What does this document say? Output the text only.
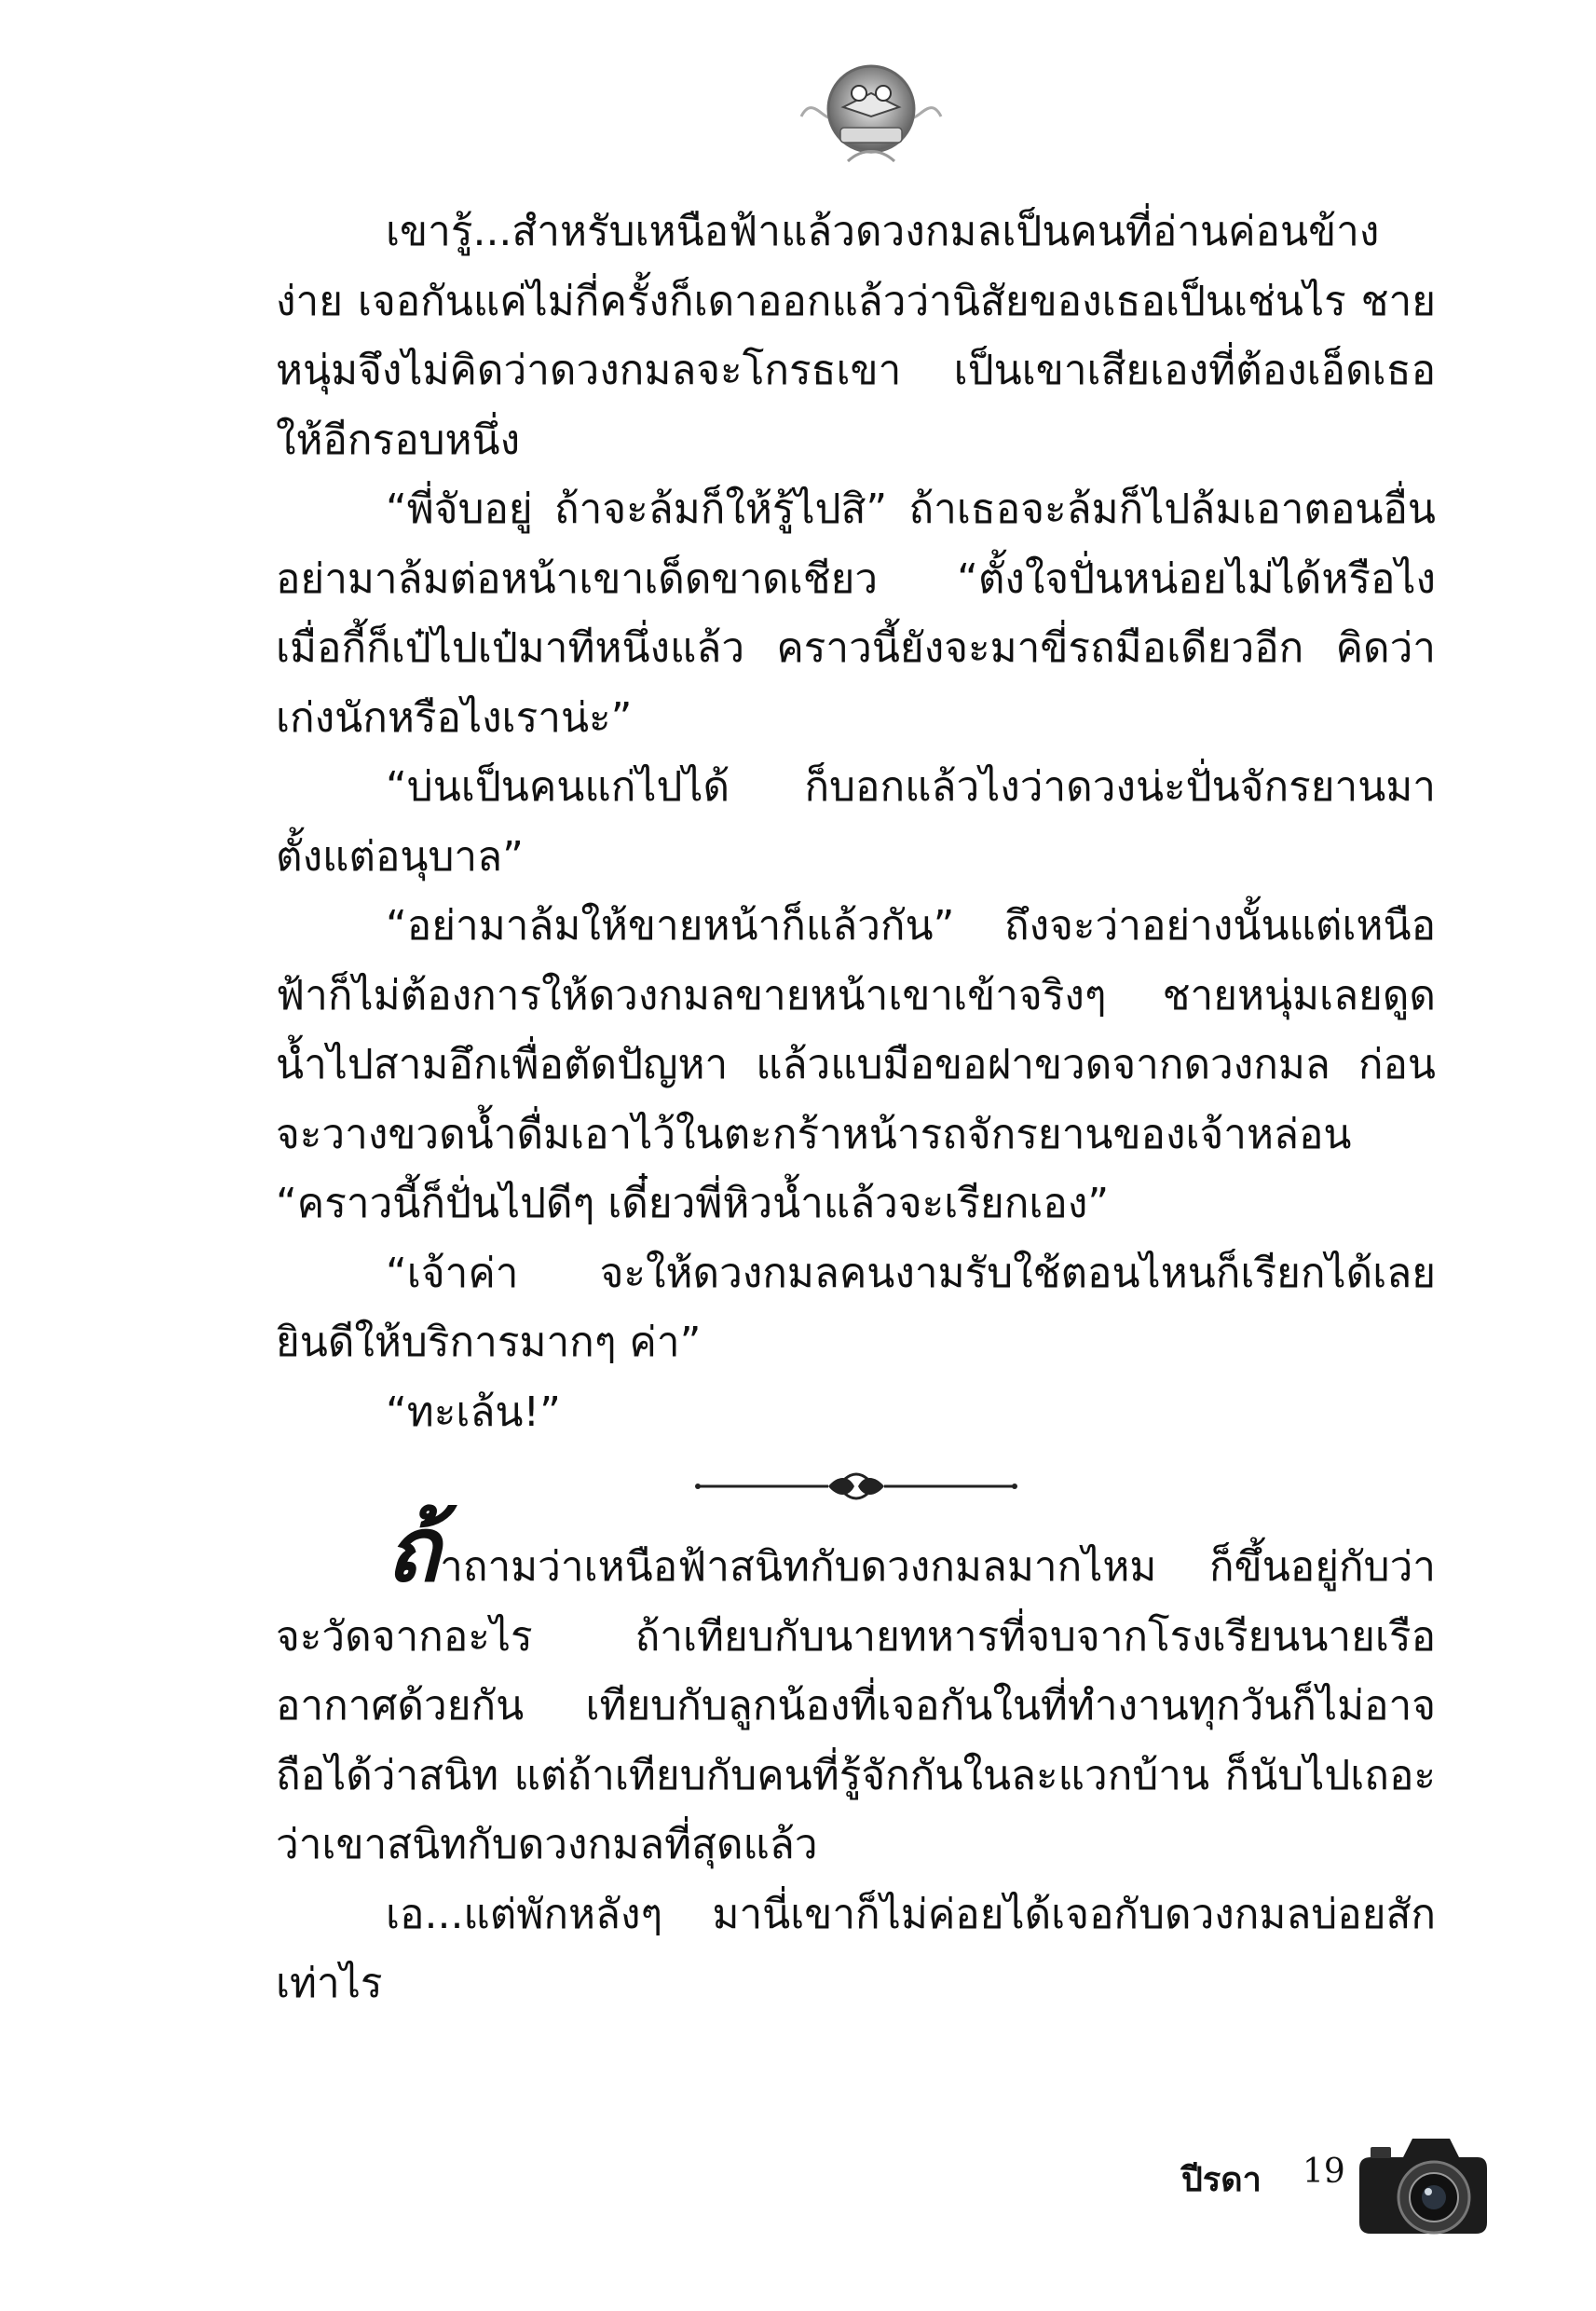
เขารู้...สำหรับเหนือฟ้าแล้วดวงกมลเป็นคนที่อ่านค่อนข้างง่าย เจอกันแค่ไม่กี่ครั้งก็เดาออกแล้วว่านิสัยของเธอเป็นเช่นไร ชายหนุ่มจึงไม่คิดว่าดวงกมลจะโกรธเขา เป็นเขาเสียเองที่ต้องเอ็ดเธอให้อีกรอบหนึ่ง

“พี่จับอยู่ ถ้าจะล้มก็ให้รู้ไปสิ” ถ้าเธอจะล้มก็ไปล้มเอาตอนอื่น อย่ามาล้มต่อหน้าเขาเด็ดขาดเชียว “ตั้งใจปั่นหน่อยไม่ได้หรือไง เมื่อกี้ก็เป๋ไปเป๋มาทีหนึ่งแล้ว คราวนี้ยังจะมาขี่รถมือเดียวอีก คิดว่าเก่งนักหรือไงเราน่ะ”

“บ่นเป็นคนแก่ไปได้ ก็บอกแล้วไงว่าดวงน่ะปั่นจักรยานมาตั้งแต่อนุบาล”

“อย่ามาล้มให้ขายหน้าก็แล้วกัน” ถึงจะว่าอย่างนั้นแต่เหนือฟ้าก็ไม่ต้องการให้ดวงกมลขายหน้าเขาเข้าจริงๆ ชายหนุ่มเลยดูดน้ำไปสามอึกเพื่อตัดปัญหา แล้วแบมือขอฝาขวดจากดวงกมล ก่อนจะวางขวดน้ำดื่มเอาไว้ในตะกร้าหน้ารถจักรยานของเจ้าหล่อน “คราวนี้ก็ปั่นไปดีๆ เดี๋ยวพี่หิวน้ำแล้วจะเรียกเอง”

“เจ้าค่า จะให้ดวงกมลคนงามรับใช้ตอนไหนก็เรียกได้เลย ยินดีให้บริการมากๆ ค่า”

“ทะเล้น!”

ถ้าถามว่าเหนือฟ้าสนิทกับดวงกมลมากไหม ก็ขึ้นอยู่กับว่าจะวัดจากอะไร ถ้าเทียบกับนายทหารที่จบจากโรงเรียนนายเรืออากาศด้วยกัน เทียบกับลูกน้องที่เจอกันในที่ทำงานทุกวันก็ไม่อาจถือได้ว่าสนิท แต่ถ้าเทียบกับคนที่รู้จักกันในละแวกบ้าน ก็นับไปเถอะว่าเขาสนิทกับดวงกมลที่สุดแล้ว

เอ...แต่พักหลังๆ มานี่เขาก็ไม่ค่อยได้เจอกับดวงกมลบ่อยสักเท่าไร

ปีรดา 19
